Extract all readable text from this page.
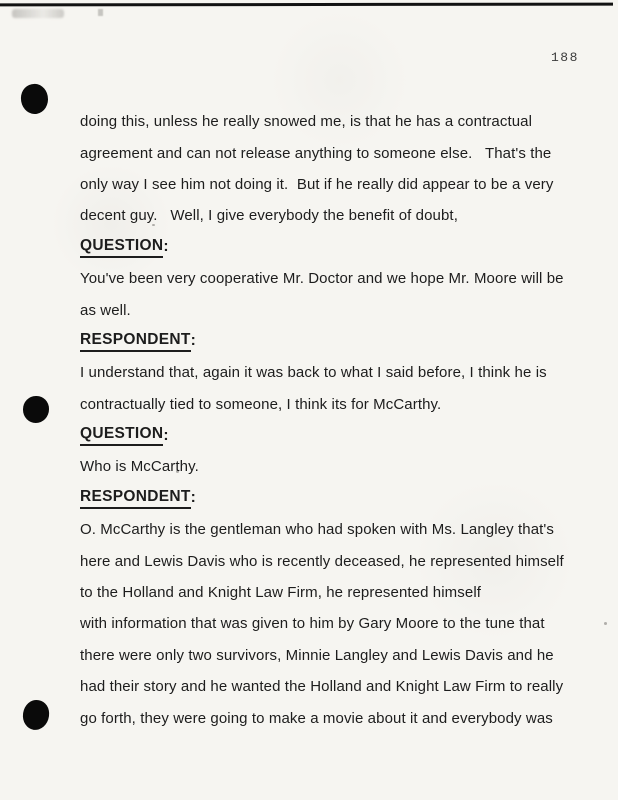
188
doing this, unless he really snowed me, is that he has a contractual
agreement and can not release anything to someone else.   That's the
only way I see him not doing it.  But if he really did appear to be a very
decent guy.   Well, I give everybody the benefit of doubt,
QUESTION :
You've been very cooperative Mr. Doctor and we hope Mr. Moore will be
as well.
RESPONDENT :
I understand that, again it was back to what I said before, I think he is
contractually tied to someone, I think its for McCarthy.
QUESTION :
Who is McCarthy.
RESPONDENT :
O. McCarthy is the gentleman who had spoken with Ms. Langley that's
here and Lewis Davis who is recently deceased, he represented himself
to the Holland and Knight Law Firm, he represented himself
with information that was given to him by Gary Moore to the tune that
there were only two survivors, Minnie Langley and Lewis Davis and he
had their story and he wanted the Holland and Knight Law Firm to really
go forth, they were going to make a movie about it and everybody was
